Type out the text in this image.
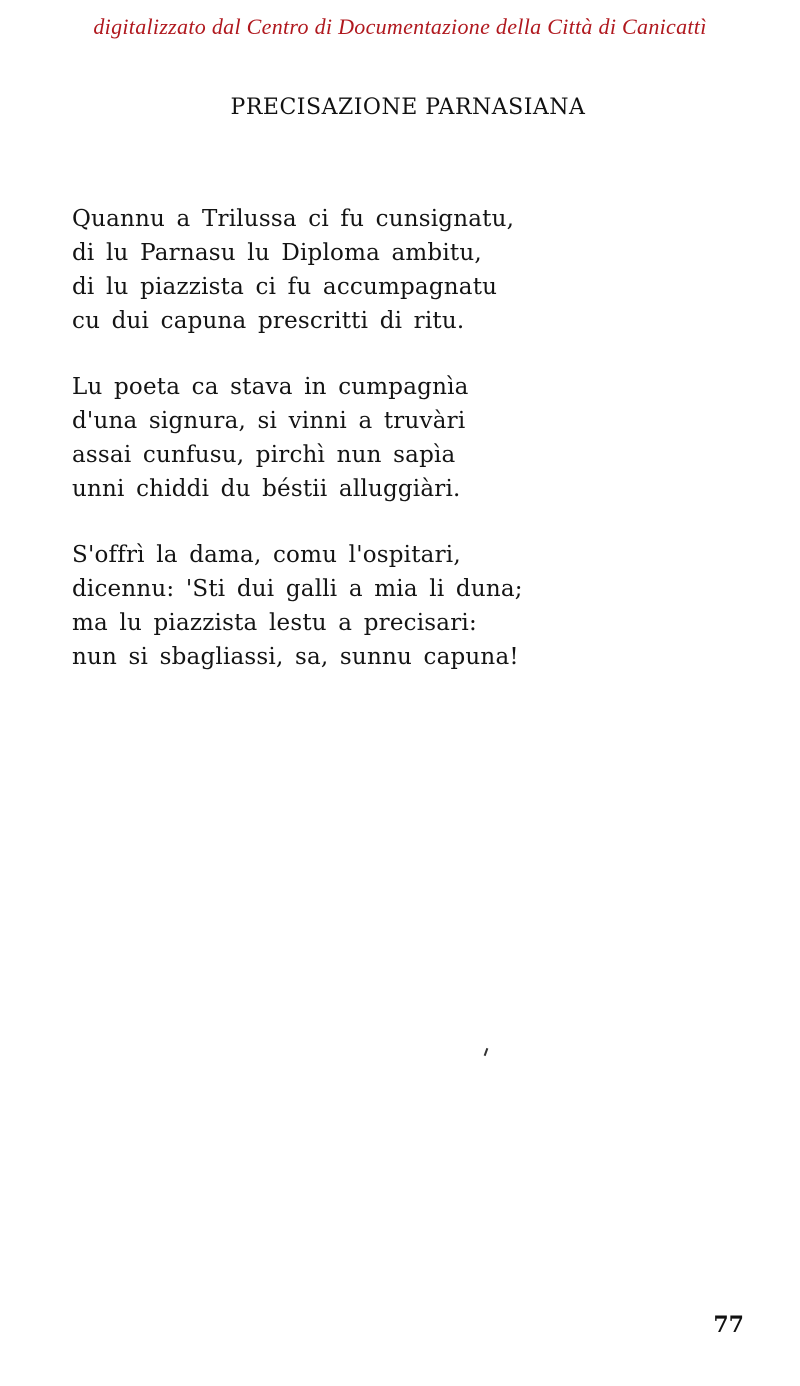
digitalizzato dal Centro di Documentazione della Città di Canicattì
PRECISAZIONE PARNASIANA
Quannu a Trilussa ci fu cunsignatu,
di lu Parnasu lu Diploma ambitu,
di lu piazzista ci fu accumpagnatu
cu dui capuna prescritti di ritu.
Lu poeta ca stava in cumpagnìa
d'una signura, si vinni a truvàri
assai cunfusu, pirchì nun sapìa
unni chiddi du béstii alluggiàri.
S'offrì la dama, comu l'ospitari,
dicennu: 'Sti dui galli a mia li duna;
ma lu piazzista lestu a precisari:
nun si sbagliassi, sa, sunnu capuna!
77
